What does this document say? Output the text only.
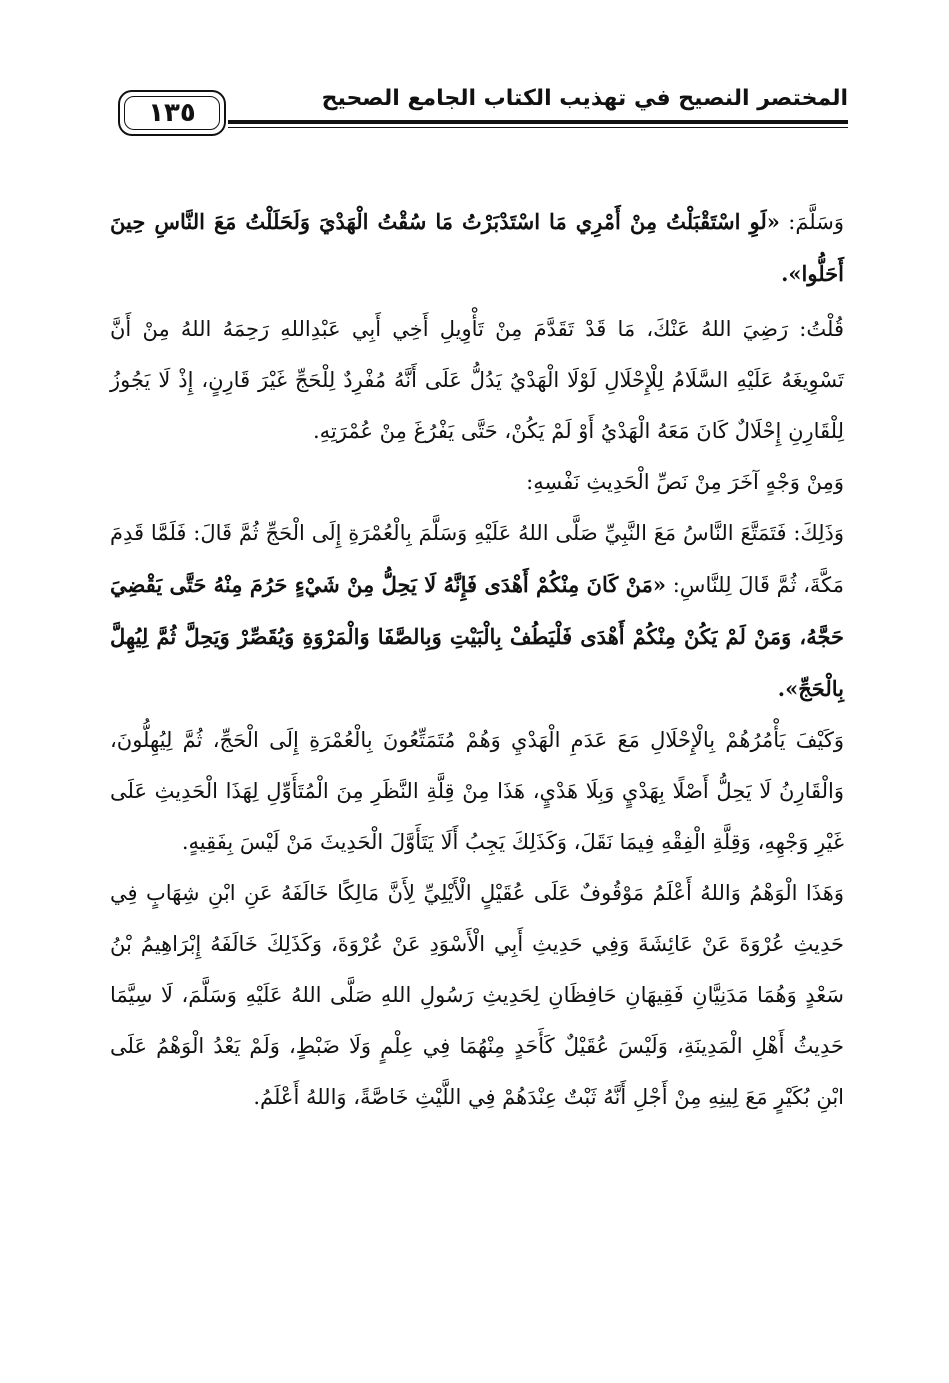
المختصر النصيح في تهذيب الكتاب الجامع الصحيح
١٣٥

وَسَلَّمَ: «لَوِ اسْتَقْبَلْتُ مِنْ أَمْرِي مَا اسْتَدْبَرْتُ مَا سُقْتُ الْهَدْيَ وَلَحَلَلْتُ مَعَ النَّاسِ حِينَ أَحَلُّوا».

قُلْتُ: رَضِيَ اللهُ عَنْكَ، مَا قَدْ تَقَدَّمَ مِنْ تَأْوِيلِ أَخِي أَبِي عَبْدِاللهِ رَحِمَهُ اللهُ مِنْ أَنَّ تَسْوِيغَهُ عَلَيْهِ السَّلَامُ لِلْإِحْلَالِ لَوْلَا الْهَدْيُ يَدُلُّ عَلَى أَنَّهُ مُفْرِدٌ لِلْحَجِّ غَيْرَ قَارِنٍ، إِذْ لَا يَجُوزُ لِلْقَارِنِ إِحْلَالٌ كَانَ مَعَهُ الْهَدْيُ أَوْ لَمْ يَكُنْ، حَتَّى يَفْرُغَ مِنْ عُمْرَتِهِ.

وَمِنْ وَجْهٍ آخَرَ مِنْ نَصِّ الْحَدِيثِ نَفْسِهِ:

وَذَلِكَ: فَتَمَتَّعَ النَّاسُ مَعَ النَّبِيِّ صَلَّى اللهُ عَلَيْهِ وَسَلَّمَ بِالْعُمْرَةِ إِلَى الْحَجِّ ثُمَّ قَالَ: فَلَمَّا قَدِمَ مَكَّةَ، ثُمَّ قَالَ لِلنَّاسِ: «مَنْ كَانَ مِنْكُمْ أَهْدَى فَإِنَّهُ لَا يَحِلُّ مِنْ شَيْءٍ حَرُمَ مِنْهُ حَتَّى يَقْضِيَ حَجَّهُ، وَمَنْ لَمْ يَكُنْ مِنْكُمْ أَهْدَى فَلْيَطُفْ بِالْبَيْتِ وَبِالصَّفَا وَالْمَرْوَةِ وَيُقَصِّرْ وَيَحِلَّ ثُمَّ لِيُهِلَّ بِالْحَجِّ».

وَكَيْفَ يَأْمُرُهُمْ بِالْإِحْلَالِ مَعَ عَدَمِ الْهَدْيِ وَهُمْ مُتَمَتِّعُونَ بِالْعُمْرَةِ إِلَى الْحَجِّ، ثُمَّ لِيُهِلُّونَ، وَالْقَارِنُ لَا يَحِلُّ أَصْلًا بِهَدْيٍ وَبِلَا هَدْيٍ، هَذَا مِنْ قِلَّةِ النَّظَرِ مِنَ الْمُتَأَوِّلِ لِهَذَا الْحَدِيثِ عَلَى غَيْرِ وَجْهِهِ، وَقِلَّةِ الْفِقْهِ فِيمَا نَقَلَ، وَكَذَلِكَ يَجِبُ أَلَا يَتَأَوَّلَ الْحَدِيثَ مَنْ لَيْسَ بِفَقِيهٍ.

وَهَذَا الْوَهْمُ وَاللهُ أَعْلَمُ مَوْقُوفٌ عَلَى عُقَيْلٍ الْأَيْلِيِّ لِأَنَّ مَالِكًا خَالَفَهُ عَنِ ابْنِ شِهَابٍ فِي حَدِيثِ عُرْوَةَ عَنْ عَائِشَةَ وَفِي حَدِيثِ أَبِي الْأَسْوَدِ عَنْ عُرْوَةَ، وَكَذَلِكَ خَالَفَهُ إِبْرَاهِيمُ بْنُ سَعْدٍ وَهُمَا مَدَنِيَّانِ فَقِيهَانِ حَافِظَانِ لِحَدِيثِ رَسُولِ اللهِ صَلَّى اللهُ عَلَيْهِ وَسَلَّمَ، لَا سِيَّمَا حَدِيثُ أَهْلِ الْمَدِينَةِ، وَلَيْسَ عُقَيْلٌ كَأَحَدٍ مِنْهُمَا فِي عِلْمٍ وَلَا ضَبْطٍ، وَلَمْ يَعْدُ الْوَهْمُ عَلَى ابْنِ بُكَيْرٍ مَعَ لِينِهِ مِنْ أَجْلِ أَنَّهُ ثَبْتٌ عِنْدَهُمْ فِي اللَّيْثِ خَاصَّةً، وَاللهُ أَعْلَمُ.
